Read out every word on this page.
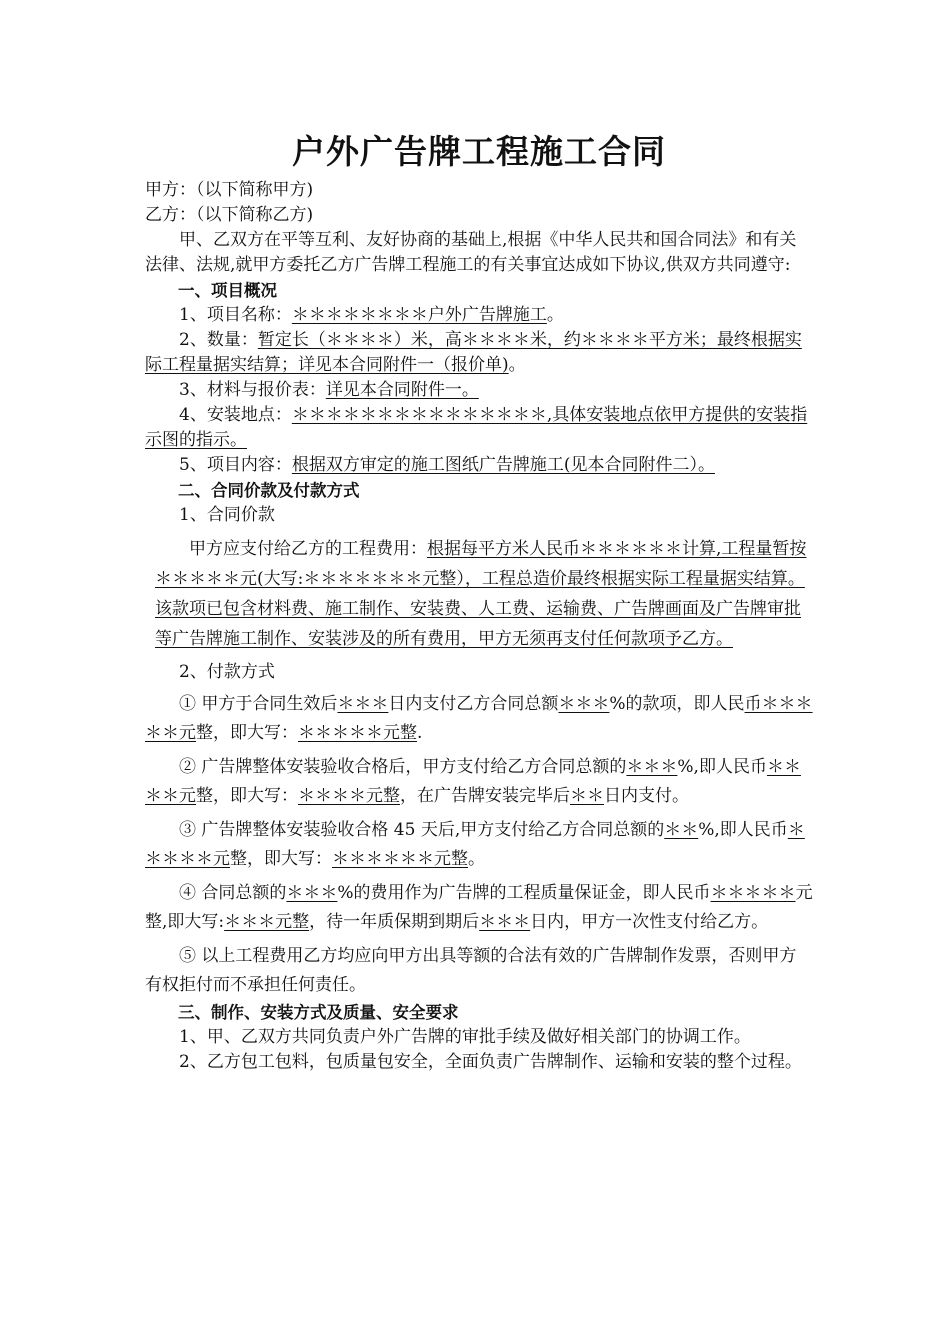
户外广告牌工程施工合同

甲方：（以下简称甲方)

乙方：（以下简称乙方)

甲、乙双方在平等互利、友好协商的基础上,根据《中华人民共和国合同法》和有关法律、法规,就甲方委托乙方广告牌工程施工的有关事宜达成如下协议,供双方共同遵守:

一、项目概况

1、项目名称：＊＊＊＊＊＊＊＊户外广告牌施工。

2、数量：暂定长（＊＊＊＊）米，高＊＊＊＊米，约＊＊＊＊平方米；最终根据实际工程量据实结算；详见本合同附件一（报价单)。

3、材料与报价表：详见本合同附件一。

4、安装地点：＊＊＊＊＊＊＊＊＊＊＊＊＊＊＊,具体安装地点依甲方提供的安装指示图的指示。

5、项目内容：根据双方审定的施工图纸广告牌施工(见本合同附件二）。

二、合同价款及付款方式

1、合同价款

甲方应支付给乙方的工程费用：根据每平方米人民币＊＊＊＊＊＊计算,工程量暂按＊＊＊＊＊元(大写:＊＊＊＊＊＊＊元整），工程总造价最终根据实际工程量据实结算。该款项已包含材料费、施工制作、安装费、人工费、运输费、广告牌画面及广告牌审批等广告牌施工制作、安装涉及的所有费用，甲方无须再支付任何款项予乙方。

2、付款方式

① 甲方于合同生效后＊＊＊日内支付乙方合同总额＊＊＊%的款项，即人民币＊＊＊＊＊元整，即大写：＊＊＊＊＊元整.

② 广告牌整体安装验收合格后，甲方支付给乙方合同总额的＊＊＊%,即人民币＊＊＊＊元整，即大写：＊＊＊＊元整，在广告牌安装完毕后＊＊日内支付。

③ 广告牌整体安装验收合格 45 天后,甲方支付给乙方合同总额的＊＊%,即人民币＊＊＊＊＊元整，即大写：＊＊＊＊＊＊元整。

④ 合同总额的＊＊＊%的费用作为广告牌的工程质量保证金，即人民币＊＊＊＊＊元整,即大写:＊＊＊元整，待一年质保期到期后＊＊＊日内，甲方一次性支付给乙方。

⑤ 以上工程费用乙方均应向甲方出具等额的合法有效的广告牌制作发票，否则甲方有权拒付而不承担任何责任。

三、制作、安装方式及质量、安全要求

1、甲、乙双方共同负责户外广告牌的审批手续及做好相关部门的协调工作。

2、乙方包工包料，包质量包安全，全面负责广告牌制作、运输和安装的整个过程。
